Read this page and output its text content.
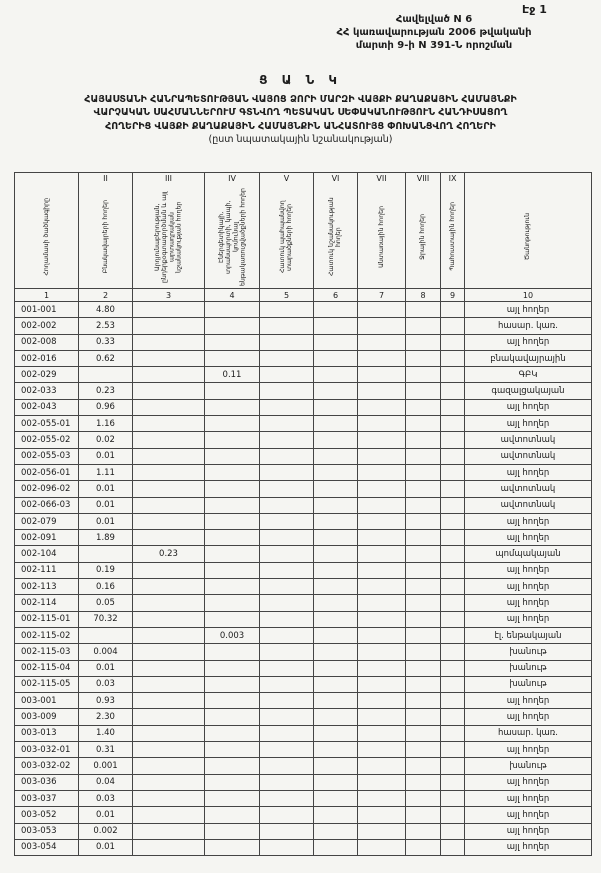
Էջ 1
Հավելված N 6
ՀՀ կառավարության 2006 թվականի
մարտի 9-ի N 391-Ն որոշման
Ց Ա Ն Կ
ՀԱՅԱՍՏԱՆԻ ՀԱՆՐԱՊԵՏՈՒԹՅԱՆ ՎԱՅՈՑ ՁՈՐԻ ՄԱՐԶԻ ՎԱՅՔԻ ՔԱՂԱՔԱՅԻՆ ՀԱՄԱՅՆՔԻ
ՎԱՐՉԱԿԱՆ ՍԱՀՄԱՆՆԵՐՈՒՄ ԳՏՆՎՈՂ ՊԵՏԱԿԱՆ ՍԵՓԱԿԱՆՈՒԹՅՈՒՆ ՀԱՆԴԻՍԱՑՈՂ
ՀՈՂԵՐԻՑ ՎԱՅՔԻ ՔԱՂԱՔԱՅԻՆ ՀԱՄԱՅՆՔԻՆ ԱՆՀԱՏՈՒՅՑ ՓՈԽԱՆՑՎՈՂ ՀՈՂԵՐԻ
(ըստ նպատակային նշանակության)
Հողամասի ծածկագիրը

II
Բնակավայրերի հողեր

III
Արդյունաբերության, ընդերքօգտագործման և այլ արտադրական նշանակության հողեր

IV
Էներգետիկայի, տրանսպորտի, կապի, կոմունալ ենթակառուցվածքների հողեր

V
Հատուկ պահպանվող տարածքների հողեր

VI
Հատուկ նշանակության հողեր

VII
Անտառային հողեր

VIII
Ջրային հողեր

IX
Պահուստային հողեր	Ծանոթություն

1	2	3	4	5	6	7	8	9	10
001-001	4.80								այլ հողեր
002-002	2.53								հասար. կառ.
002-008	0.33								այլ հողեր
002-016	0.62								բնակավայրային
002-029			0.11						ԳԲԿ
002-033	0.23								գազալցակայան
002-043	0.96								այլ հողեր
002-055-01	1.16								այլ հողեր
002-055-02	0.02								ավտոտնակ
002-055-03	0.01								ավտոտնակ
002-056-01	1.11								այլ հողեր
002-096-02	0.01								ավտոտնակ
002-066-03	0.01								ավտոտնակ
002-079	0.01								այլ հողեր
002-091	1.89								այլ հողեր
002-104		0.23							պոմպակայան
002-111	0.19								այլ հողեր
002-113	0.16								այլ հողեր
002-114	0.05								այլ հողեր
002-115-01	70.32								այլ հողեր
002-115-02			0.003						էլ. ենթակայան
002-115-03	0.004								խանութ
002-115-04	0.01								խանութ
002-115-05	0.03								խանութ
003-001	0.93								այլ հողեր
003-009	2.30								այլ հողեր
003-013	1.40								հասար. կառ.
003-032-01	0.31								այլ հողեր
003-032-02	0.001								խանութ
003-036	0.04								այլ հողեր
003-037	0.03								այլ հողեր
003-052	0.01								այլ հողեր
003-053	0.002								այլ հողեր
003-054	0.01								այլ հողեր
